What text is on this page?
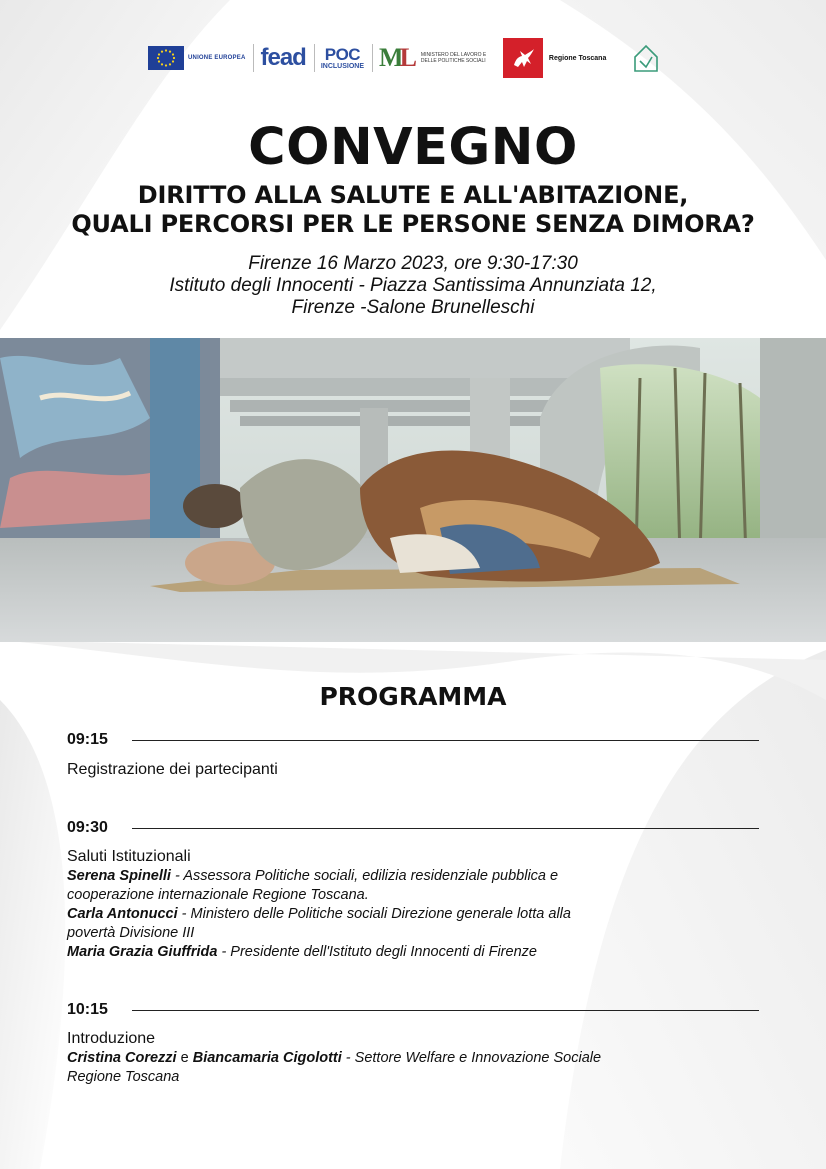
UNIONE EUROPEA fead POC
INCLUSIONE M
L MINISTERO DEL LAVORO E DELLE POLITICHE SOCIALI	Regione Toscana
CONVEGNO
DIRITTO ALLA SALUTE E ALL'ABITAZIONE,
QUALI PERCORSI PER LE PERSONE SENZA DIMORA?
Firenze 16 Marzo 2023, ore 9:30-17:30
Istituto degli Innocenti - Piazza Santissima Annunziata 12,
Firenze -Salone Brunelleschi
PROGRAMMA
09:15
Registrazione dei partecipanti
09:30
Saluti Istituzionali
Serena Spinelli - Assessora Politiche sociali, edilizia residenziale pubblica e
cooperazione internazionale Regione Toscana.
Carla Antonucci - Ministero delle Politiche sociali Direzione generale lotta alla
povertà Divisione III
Maria Grazia Giuffrida - Presidente dell'Istituto degli Innocenti di Firenze
10:15
Introduzione
Cristina Corezzi e Biancamaria Cigolotti - Settore Welfare e Innovazione Sociale
Regione Toscana
